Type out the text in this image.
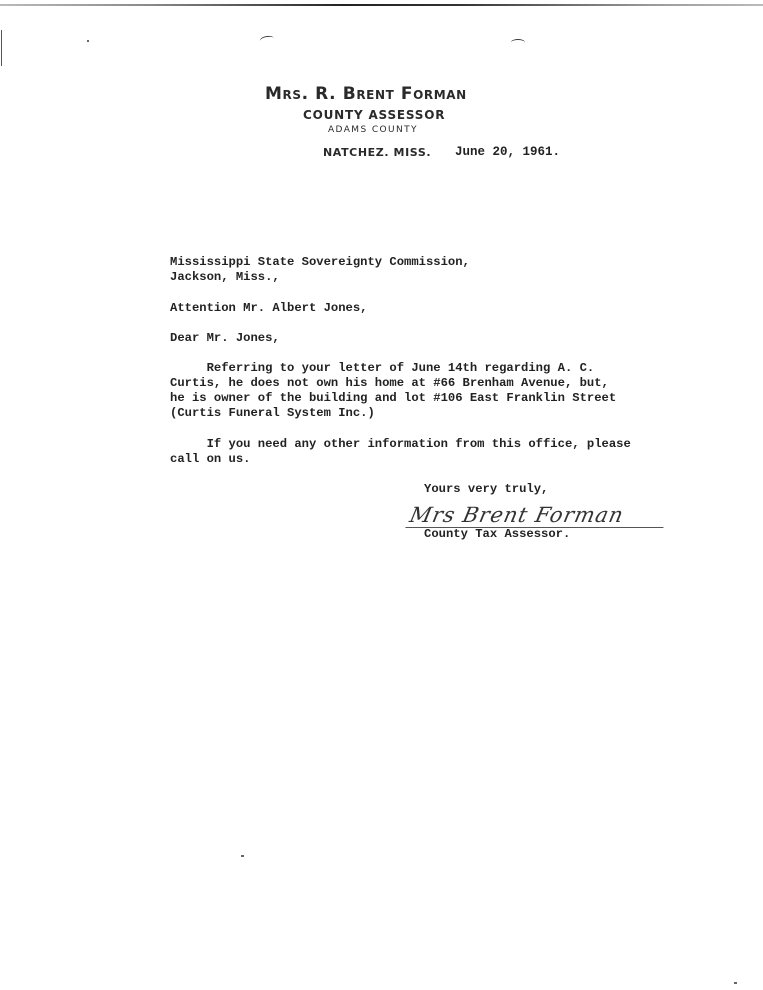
Mrs. R. Brent Forman
COUNTY ASSESSOR
ADAMS COUNTY
NATCHEZ. MISS. June 20, 1961.
Mississippi State Sovereignty Commission,
Jackson, Miss.,
Attention Mr. Albert Jones,
Dear Mr. Jones,
Referring to your letter of June 14th regarding A. C.
Curtis, he does not own his home at #66 Brenham Avenue, but,
he is owner of the building and lot #106 East Franklin Street
(Curtis Funeral System Inc.)
If you need any other information from this office, please
call on us.
Yours very truly,
Mrs Brent Forman
County Tax Assessor.
